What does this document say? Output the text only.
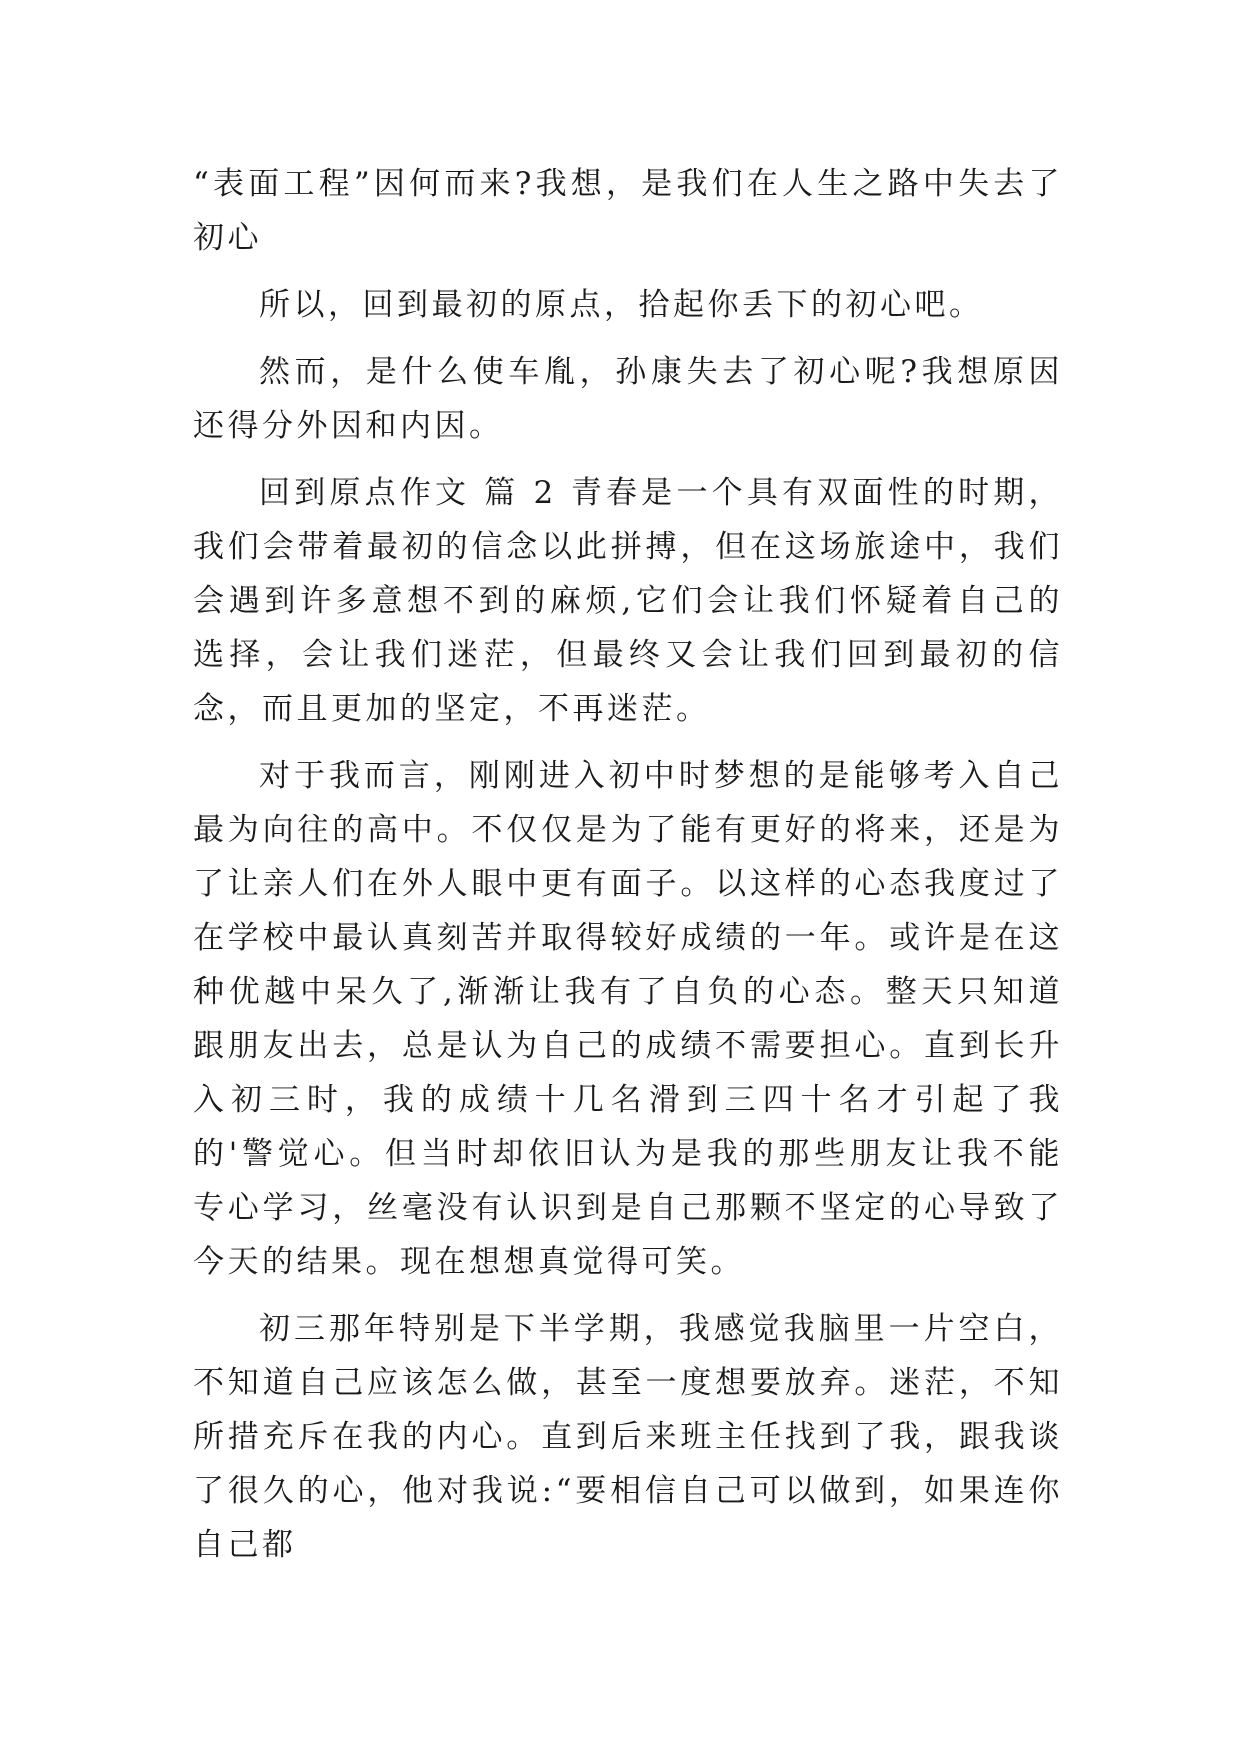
“表面工程”因何而来?我想，是我们在人生之路中失去了初心

所以，回到最初的原点，拾起你丢下的初心吧。

然而，是什么使车胤，孙康失去了初心呢?我想原因还得分外因和内因。

回到原点作文 篇 2 青春是一个具有双面性的时期，我们会带着最初的信念以此拼搏，但在这场旅途中，我们会遇到许多意想不到的麻烦,它们会让我们怀疑着自己的选择，会让我们迷茫，但最终又会让我们回到最初的信念，而且更加的坚定，不再迷茫。

对于我而言，刚刚进入初中时梦想的是能够考入自己最为向往的高中。不仅仅是为了能有更好的将来，还是为了让亲人们在外人眼中更有面子。以这样的心态我度过了在学校中最认真刻苦并取得较好成绩的一年。或许是在这种优越中呆久了,渐渐让我有了自负的心态。整天只知道跟朋友出去，总是认为自己的成绩不需要担心。直到长升入初三时，我的成绩十几名滑到三四十名才引起了我的'警觉心。但当时却依旧认为是我的那些朋友让我不能专心学习，丝毫没有认识到是自己那颗不坚定的心导致了今天的结果。现在想想真觉得可笑。

初三那年特别是下半学期，我感觉我脑里一片空白，不知道自己应该怎么做，甚至一度想要放弃。迷茫，不知所措充斥在我的内心。直到后来班主任找到了我，跟我谈了很久的心，他对我说:“要相信自己可以做到，如果连你自己都
